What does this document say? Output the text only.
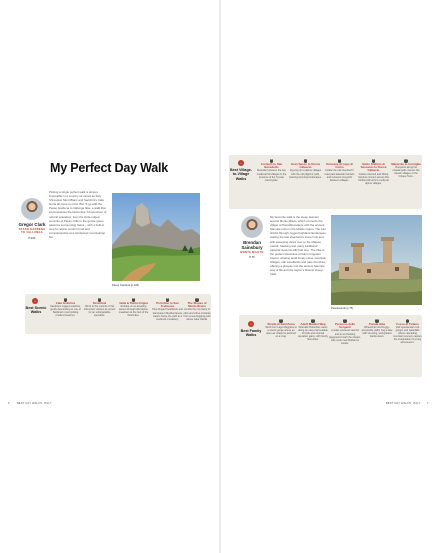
My Perfect Day Walk
Gregor Clark
PASSO GARDENA TO VALLUNGA
P.104
Picking a single perfect walk is almost impossible in a country as varied as Italy. Shrouded, Mont Blanc and Sacchini's Cala Goria all come to mind. But I'll go with the Passo Gardena to Vallunga hike, a walk that encompasses the Dolomites' full spectrum of natural splendour, from the knife-edged summits of Passo Odle to the gentle green pastures surrounding Selva – with a built-in stop for alpine comfort food and companionship at a windswept mountaintop hut.
Passo Gardena (p.106)
⌂
Best Scenic Walks
1
Cala Goloritzè
Sardinia's rugged coastline, gently descending to one of Sardinia's most striking prettiest beaches.
2
Stromboli
Climb to the summit of this still-active volcano at sunset for an unforgettable spectacle.
3
Vetta & Punta Grigna
Embark on an amazing ascent through wild alpine meadows at the foot of the Dolomites.
4
Portofino to San Fruttuoso
Pine-fringed headlands and transparent Mediterranean waters frame the path to a medieval monastery.
5
The Slopes of Monte Bruno
Amidst the remnants of olive and citrus orchards from a sea-hugging path above Lake Garda.
⌂
Best Village-to-Village Walks
6
Corniolo to San Benedetto
Meander between the two medieval hill villages in the province of the Tuscan countryside.
7
Gran Sasso to Rocca Calascio
Zig-zag up to alpine villages with the old pilgrims' path, passing stunning landscapes.
8
Grinzane di Lago di Como
Follow the old shepherd's road past lakeside hamlets and terraced vineyards between villages.
9
Santo Stefano di Sessanio to Rocca Calascio
Castle-crowned and hilltop hamlets connect across this fortified Abruzzo's medieval alpine villages.
10
Manarola to Corniglia
Vineyards along the coastal path connect the classic villages of the Cinque Terre.
Brendan Sainsbury
MONTE MILETO
P.76
My favourite walk is the steep descent around Monte Mileto, which connects the village of Pietrabbondante with the ancient Samnite ruins in the Molise region. The trail climbs through rugged highland landscapes, visiting the last shepherd's stone huts and with sweeping views over to the Matese massif, hawking and many traditional pastoral customs still hold true. The hike is the perfect showcase of Italy's forgotten interior, winding amid lonely stone mountain villages, oak woodlands and past churches, offering a glimpse into the ancient Samnite way of life and the region's historic sheep-trails.
Pescasseroli (p.76)
⌂
Best Family Walks
11
Strada di Sant'Anna
Stroll from Lago Maggiore to a scenic gorge where an open-air chapel is perched on a crag.
12
Adolf Munkel Weg
Dramatic Dolomites views along an easy trail suitable for kids and minimal elevation gains, with family favourites.
13
Percorso delle Sorgenti
A water-powered sawmill and an enchanting playground mark the stream-side route near Bolzano's woods.
14
Ponale Hike
Wheelchair and buggy-accessible paths hug a lake with stunning, well-graded Garda views.
15
Fosso di Tiziano
Visit spectacular rock gorges and waterfalls where cascading mountain scenery capture the imagination of young adventurers.
6	BEST DAY WALKS: ITALY	BEST DAY WALKS: ITALY 7
